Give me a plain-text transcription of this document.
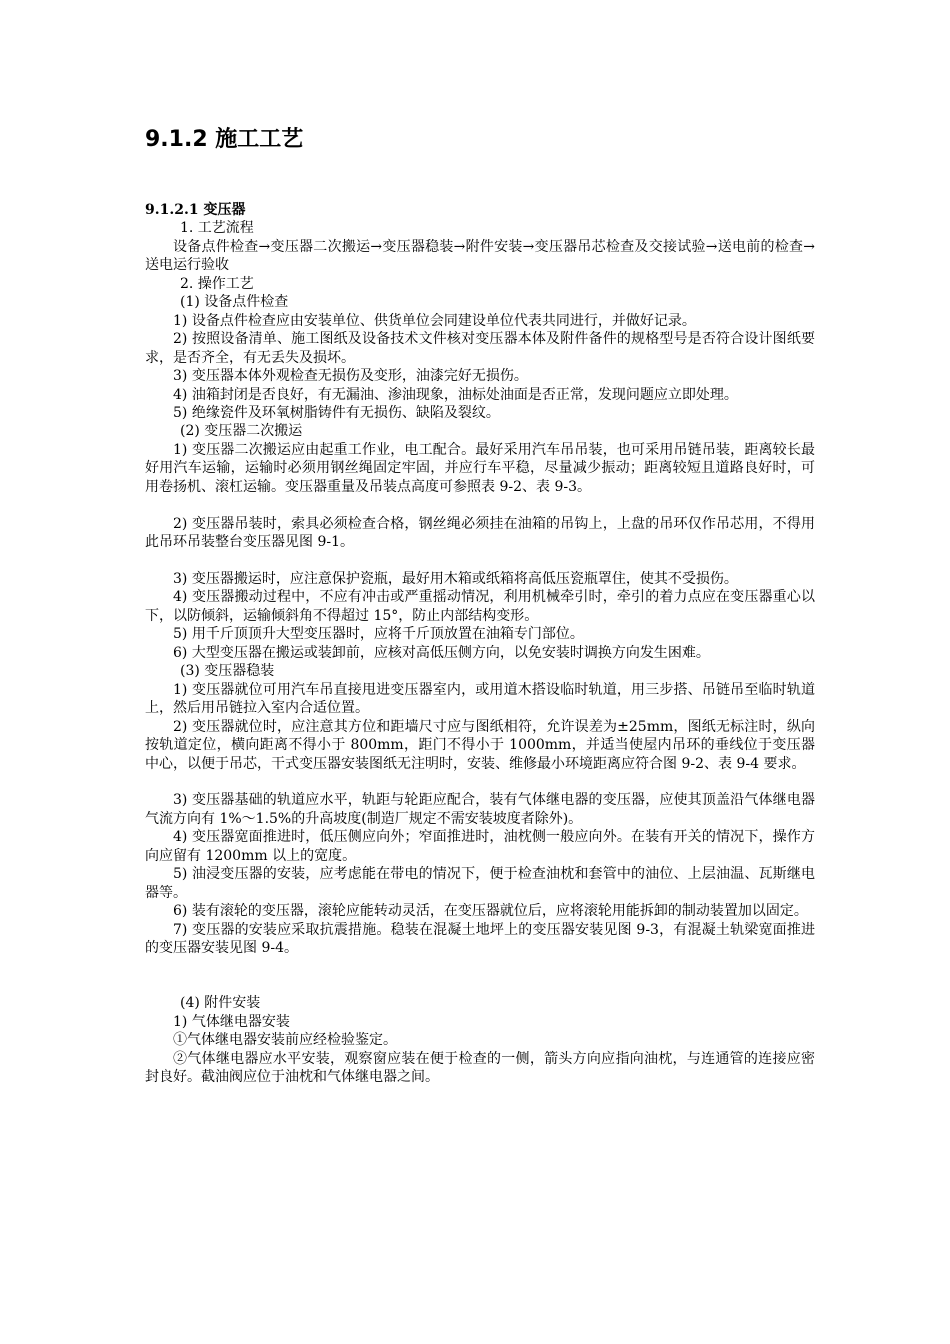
9.1.2 施工工艺

9.1.2.1 变压器

1. 工艺流程

设备点件检查→变压器二次搬运→变压器稳装→附件安装→变压器吊芯检查及交接试验→送电前的检查→送电运行验收

2. 操作工艺

(1) 设备点件检查

1) 设备点件检查应由安装单位、供货单位会同建设单位代表共同进行，并做好记录。

2) 按照设备清单、施工图纸及设备技术文件核对变压器本体及附件备件的规格型号是否符合设计图纸要求，是否齐全，有无丢失及损坏。

3) 变压器本体外观检查无损伤及变形，油漆完好无损伤。

4) 油箱封闭是否良好，有无漏油、渗油现象，油标处油面是否正常，发现问题应立即处理。

5) 绝缘瓷件及环氧树脂铸件有无损伤、缺陷及裂纹。

(2) 变压器二次搬运

1) 变压器二次搬运应由起重工作业，电工配合。最好采用汽车吊吊装，也可采用吊链吊装，距离较长最好用汽车运输，运输时必须用钢丝绳固定牢固，并应行车平稳，尽量减少振动；距离较短且道路良好时，可用卷扬机、滚杠运输。变压器重量及吊装点高度可参照表 9-2、表 9-3。

2) 变压器吊装时，索具必须检查合格，钢丝绳必须挂在油箱的吊钩上，上盘的吊环仅作吊芯用，不得用此吊环吊装整台变压器见图 9-1。

3) 变压器搬运时，应注意保护瓷瓶，最好用木箱或纸箱将高低压瓷瓶罩住，使其不受损伤。

4) 变压器搬动过程中，不应有冲击或严重摇动情况，利用机械牵引时，牵引的着力点应在变压器重心以下，以防倾斜，运输倾斜角不得超过 15°，防止内部结构变形。

5) 用千斤顶顶升大型变压器时，应将千斤顶放置在油箱专门部位。

6) 大型变压器在搬运或装卸前，应核对高低压侧方向，以免安装时调换方向发生困难。

(3) 变压器稳装

1) 变压器就位可用汽车吊直接甩进变压器室内，或用道木搭设临时轨道，用三步搭、吊链吊至临时轨道上，然后用吊链拉入室内合适位置。

2) 变压器就位时，应注意其方位和距墙尺寸应与图纸相符，允许误差为±25mm，图纸无标注时，纵向按轨道定位，横向距离不得小于 800mm，距门不得小于 1000mm，并适当使屋内吊环的垂线位于变压器中心，以便于吊芯，干式变压器安装图纸无注明时，安装、维修最小环境距离应符合图 9-2、表 9-4 要求。

3) 变压器基础的轨道应水平，轨距与轮距应配合，装有气体继电器的变压器，应使其顶盖沿气体继电器气流方向有 1%～1.5%的升高坡度(制造厂规定不需安装坡度者除外)。

4) 变压器宽面推进时，低压侧应向外；窄面推进时，油枕侧一般应向外。在装有开关的情况下，操作方向应留有 1200mm 以上的宽度。

5) 油浸变压器的安装，应考虑能在带电的情况下，便于检查油枕和套管中的油位、上层油温、瓦斯继电器等。

6) 装有滚轮的变压器，滚轮应能转动灵活，在变压器就位后，应将滚轮用能拆卸的制动装置加以固定。

7) 变压器的安装应采取抗震措施。稳装在混凝土地坪上的变压器安装见图 9-3，有混凝土轨梁宽面推进的变压器安装见图 9-4。

(4) 附件安装

1) 气体继电器安装

①气体继电器安装前应经检验鉴定。

②气体继电器应水平安装，观察窗应装在便于检查的一侧，箭头方向应指向油枕，与连通管的连接应密封良好。截油阀应位于油枕和气体继电器之间。
